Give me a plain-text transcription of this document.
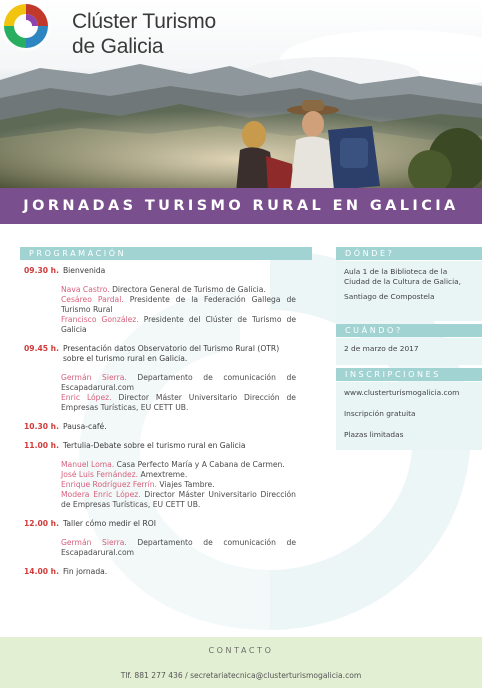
Clúster Turismo
de Galicia
JORNADAS TURISMO RURAL EN GALICIA
PROGRAMACIÓN	DÓNDE?
CUÁNDO?
INSCRIPCIONES
09.30 h. Bienvenida

Nava Castro. Directora General de Turismo de Galicia.

Cesáreo Pardal. Presidente de la Federación Gallega de Turismo Rural

Francisco González. Presidente del Clúster de Turismo de Galicia

09.45 h. Presentación datos Observatorio del Turismo Rural (OTR) sobre el turismo rural en Galicia.

Germán Sierra. Departamento de comunicación de Escapadarural.com

Enric López. Director Máster Universitario Dirección de Empresas Turísticas, EU CETT UB.

10.30 h. Pausa-café.
11.00 h. Tertulia-Debate sobre el turismo rural en Galicia

Manuel Loma. Casa Perfecto María y A Cabana de Carmen.

José Luis Fernández. Amextreme.

Enrique Rodríguez Ferrín. Viajes Tambre.

Modera Enric López. Director Máster Universitario Dirección de Empresas Turísticas, EU CETT UB.

12.00 h. Taller cómo medir el ROI

Germán Sierra. Departamento de comunicación de Escapadarural.com

14.00 h. Fin jornada.

Aula 1 de la Biblioteca de la Ciudad de la Cultura de Galicia,

Santiago de Compostela

2 de marzo de 2017

www.clusterturismogalicia.com

Inscripción gratuita

Plazas limitadas

CONTACTO
Tlf. 881 277 436 / secretariatecnica@clusterturismogalicia.com
